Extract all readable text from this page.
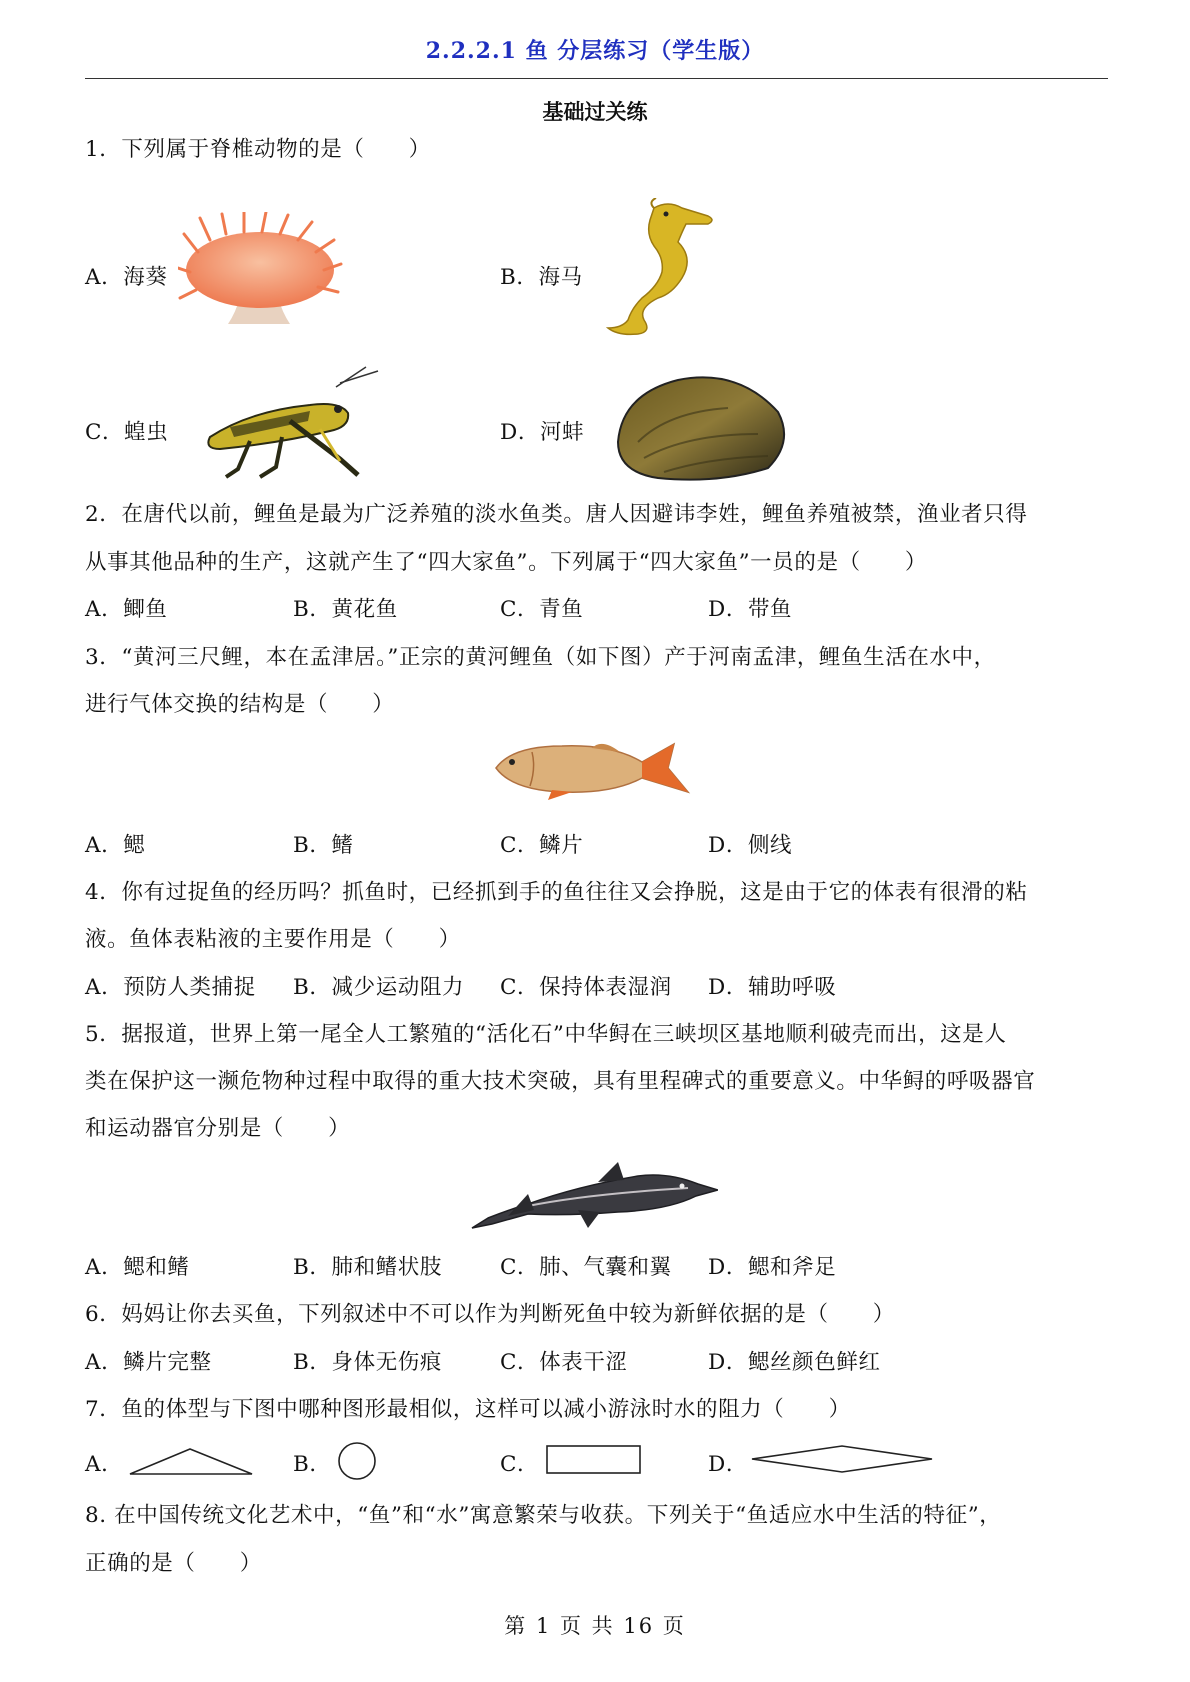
2.2.2.1 鱼 分层练习（学生版）
基础过关练
1．下列属于脊椎动物的是（　　）
A．海葵	B．海马
C．蝗虫	D．河蚌
2．在唐代以前，鲤鱼是最为广泛养殖的淡水鱼类。唐人因避讳李姓，鲤鱼养殖被禁，渔业者只得
从事其他品种的生产，这就产生了“四大家鱼”。下列属于“四大家鱼”一员的是（　　）
A．鲫鱼	B．黄花鱼	C．青鱼	D．带鱼
3．“黄河三尺鲤，本在孟津居。”正宗的黄河鲤鱼（如下图）产于河南孟津，鲤鱼生活在水中，
进行气体交换的结构是（　　）
A．鳃	B．鳍	C．鳞片	D．侧线
4．你有过捉鱼的经历吗？抓鱼时，已经抓到手的鱼往往又会挣脱，这是由于它的体表有很滑的粘
液。鱼体表粘液的主要作用是（　　）
A．预防人类捕捉 B．减少运动阻力 C．保持体表湿润 D．辅助呼吸
5．据报道，世界上第一尾全人工繁殖的“活化石”中华鲟在三峡坝区基地顺利破壳而出，这是人
类在保护这一濒危物种过程中取得的重大技术突破，具有里程碑式的重要意义。中华鲟的呼吸器官
和运动器官分别是（　　）
A．鳃和鳍	B．肺和鳍状肢	C．肺、气囊和翼 D．鳃和斧足
6．妈妈让你去买鱼，下列叙述中不可以作为判断死鱼中较为新鲜依据的是（　　）
A．鳞片完整	B．身体无伤痕	C．体表干涩	D．鳃丝颜色鲜红
7．鱼的体型与下图中哪种图形最相似，这样可以减小游泳时水的阻力（　　）
A．	B．	C．	D．
8. 在中国传统文化艺术中，“鱼”和“水”寓意繁荣与收获。下列关于“鱼适应水中生活的特征”，
正确的是（　　）
第 1 页 共 16 页
